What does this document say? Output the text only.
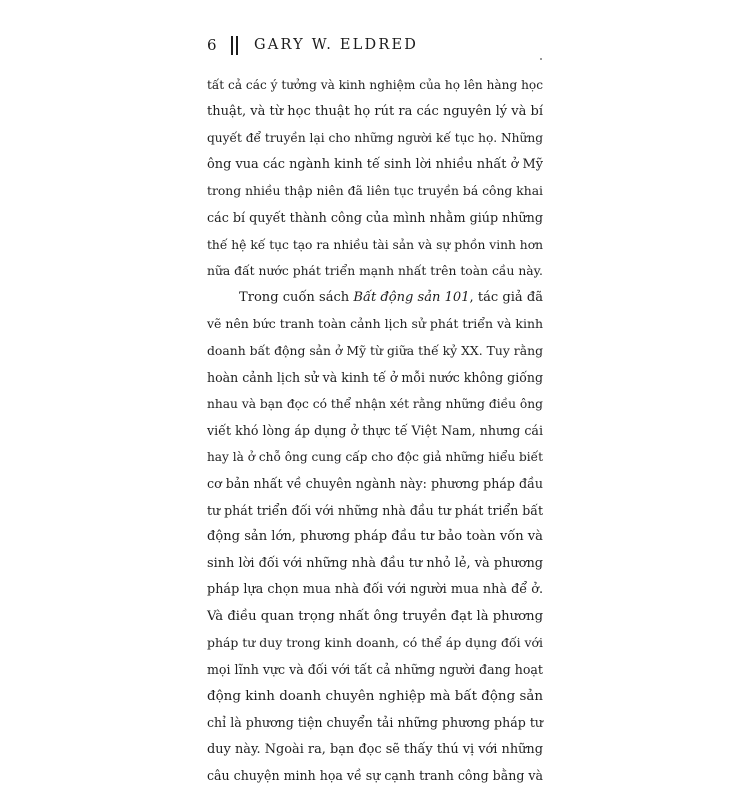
6	GARY W. ELDRED
tất cả các ý tưởng và kinh nghiệm của họ lên hàng học
thuật, và từ học thuật họ rút ra các nguyên lý và bí
quyết để truyền lại cho những người kế tục họ. Những
ông vua các ngành kinh tế sinh lời nhiều nhất ở Mỹ
trong nhiều thập niên đã liên tục truyền bá công khai
các bí quyết thành công của mình nhằm giúp những
thế hệ kế tục tạo ra nhiều tài sản và sự phồn vinh hơn
nữa đất nước phát triển mạnh nhất trên toàn cầu này.
Trong cuốn sách Bất động sản 101, tác giả đã
vẽ nên bức tranh toàn cảnh lịch sử phát triển và kinh
doanh bất động sản ở Mỹ từ giữa thế kỷ XX. Tuy rằng
hoàn cảnh lịch sử và kinh tế ở mỗi nước không giống
nhau và bạn đọc có thể nhận xét rằng những điều ông
viết khó lòng áp dụng ở thực tế Việt Nam, nhưng cái
hay là ở chỗ ông cung cấp cho độc giả những hiểu biết
cơ bản nhất về chuyên ngành này: phương pháp đầu
tư phát triển đối với những nhà đầu tư phát triển bất
động sản lớn, phương pháp đầu tư bảo toàn vốn và
sinh lời đối với những nhà đầu tư nhỏ lẻ, và phương
pháp lựa chọn mua nhà đối với người mua nhà để ở.
Và điều quan trọng nhất ông truyền đạt là phương
pháp tư duy trong kinh doanh, có thể áp dụng đối với
mọi lĩnh vực và đối với tất cả những người đang hoạt
động kinh doanh chuyên nghiệp mà bất động sản
chỉ là phương tiện chuyển tải những phương pháp tư
duy này. Ngoài ra, bạn đọc sẽ thấy thú vị với những
câu chuyện minh họa về sự cạnh tranh công bằng và
